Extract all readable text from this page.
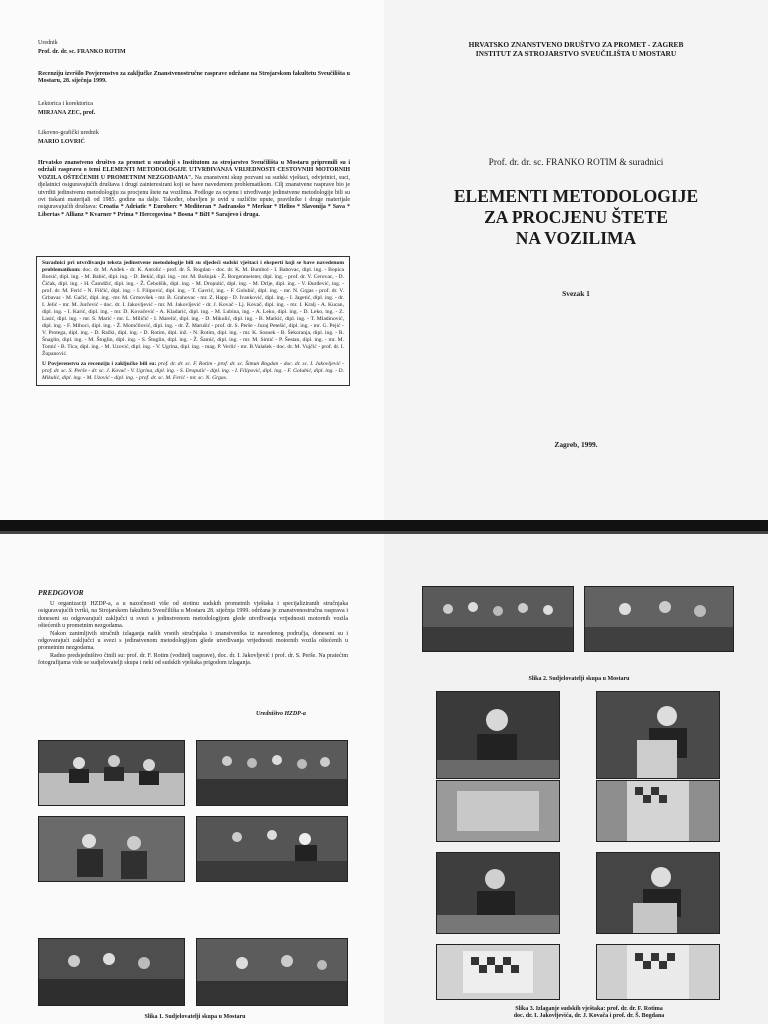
Urednik
Prof. dr. dr. sc. FRANKO ROTIM
Recenziju izvršilo Povjerenstvo za zaključke Znanstvenostručne rasprave održane na Strojarskom fakultetu Sveučilišta u Mostaru, 28. siječnja 1999.
Lektorica i korektorica
MIRJANA ZEC, prof.
Likovno-grafički urednik
MARIO LOVRIĆ
Hrvatsko znanstveno društvo za promet u suradnji s Institutom za strojarstvo Sveučilišta u Mostaru pripremili su i održali raspravu o temi ELEMENTI METODOLOGIJE UTVRĐIVANJA VRIJEDNOSTI CESTOVNIH MOTORNIH VOZILA OŠTEĆENIH U PROMETNIM NEZGODAMA". Na znanstveni skup pozvani su sudski vještaci, odvjetnici, suci, djelatnici osiguravajućih društava i drugi zainteresirani koji se bave navedenom problematikom. Cilj znanstvene rasprave bio je utvrditi jedinstvenu metodologiju za procjenu štete na vozilima. Podloge za ocjenu i utvrđivanje jedinstvene metodologije bili su ovi tiskani materijali od 1985. godine na dalje. Također, obavljen je uvid u različite upute, pravilnike i druge materijale osiguravajućih društava: Croatia * Adriatic * Euroherc * Mediteran * Jadransko * Merkur * Helios * Slavonija * Sava * Libertas * Allianz * Kvarner * Prima * Hercegovina * Bosna * BiH * Sarajevo i druga.
Suradnici pri utvrđivanju teksta jedinstvene metodologije bili su sljedeći sudski vještaci i eksperti koji se bave navedenom problematikom: doc. dr. M. Anđek - dr. K. Antolić - prof. dr. Š. Bogdan - doc. dr. K. M. Bumbol - I. Babovac, dipl. ing. - Bopica Borsić, dipl. ing. - M. Babić, dipl. ing. - D. Bekić, dipl. ing. - mr. M. Bošnjak - Ž. Borgenmeister, dipl. ing. - prof. dr. V. Cerovac, - D. Čičak, dipl. ing. - H. Čamdžić, dipl. ing. - Ž. Čebolšik, dipl. ing. - M. Dropulić, dipl. ing. - M. Drlje, dipl. ing. - V. Đurđević, ing. - prof. dr. M. Ferić - N. Filčić, dipl. ing. - I. Filipović, dipl. ing. - T. Gavrić, ing. - F. Golubić, dipl. ing. - mr. N. Grgas - prof. dr. V. Grbavac - M. Gačić, dipl. ing. -mr. M. Grmovšek - mr. B. Grahovac - mr. Z. Happ - D. Ivanković, dipl. ing. - I. Jagetić, dipl. ing. - dr. I. Jelić - mr. M. Jurčević - doc. dr. I. Jakovljević - mr. M. Jakovljević - dr. J. Kovač - Lj. Kovač, dipl. ing. - mr. I. Kralj - A. Kucan, dipl. ing. - I. Karić, dipl. ing. - mr. D. Kovačević - A. Kladarić, dipl. ing. - M. Lubina, ing. - A. Leko, dipl. ing. - D. Leko, ing. - Z. Lasić, dipl. ing. - mr. S. Marić - mr. L. Miličić - I. Marelić, dipl. ing. - D. Mikulić, dipl. ing. - B. Markić, dipl. ing. - T. Mladinović, dipl. ing. - F. Mihoci, dipl. ing. - Ž. Momčilović, dipl. ing. - dr. Ž. Marušić - prof. dr. S. Perše - Juraj Petešić, dipl. ing. - mr. G. Pejić - V. Protega, dipl. ing. - D. Rački, dipl. ing. - D. Rotim, dipl. inž. - N. Rotim, dipl. ing. - mr. K. Sosnek - B. Šekoranja, dipl. ing. - R. Šnaglin, dipl. ing. - M. Štuglin, dipl. ing. - S. Štuglin, dipl. ing. - Ž. Šamić, dipl. ing. - mr. M. Simić - P. Šestan, dipl. ing. - mr. M. Tomić - B. Tica, dipl. ing. - M. Uzović, dipl. ing. - V. Ugrina, dipl. ing. - mag. P. Verlić - mr. B.Valašek - doc. dr. M. Vujčić - prof. dr. I. Županović.
U Povjerenstvu za recenziju i zaključke bili su: prof. dr. dr. sc. F. Rotim - prof. dr. sc. Šimun Bogdan - doc. dr. sc. I. Jakovljević - prof. dr. sc. S. Perše - dr. sc. J. Kovač - V. Ugrina, dipl. ing. - S. Dropulić - dipl. ing. - I. Filipović, dipl. ing. - F. Golubić, dipl. ing. - D. Mikulić, dipl. ing. - M. Uzović - dipl. ing. - prof. dr. sc. M. Ferić - mr. sc. N. Grgas.
HRVATSKO ZNANSTVENO DRUŠTVO ZA PROMET - ZAGREB
INSTITUT ZA STROJARSTVO SVEUČILIŠTA U MOSTARU
Prof. dr. dr. sc. FRANKO ROTIM & suradnici
ELEMENTI METODOLOGIJE
ZA PROCJENU ŠTETE
NA VOZILIMA
Svezak 1
Zagreb, 1999.
PREDGOVOR
U organizaciji HZDP-a, a u nazočnosti više od stotinu sudskih prometnih vještaka i specijaliziranih stručnjaka osiguravajućih tvrtki, na Strojarskom fakultetu Sveučilišta u Mostaru 28. siječnja 1999. održana je znanstvenostručna rasprava i doneseni su odgovarajući zaključci u svezi s jedinstvenom metodologijom glede utvrđivanja vrijednosti motornih vozila oštećenih u prometnim nezgodama.
Nakon zanimljivih stručnih izlaganja naših vrsnih stručnjaka i znanstvenika iz navedenog područja, doneseni su i odgovarajući zaključci u svezi s jedinstvenom metodologijom glede utvrđivanja vrijednosti motornih vozila oštećenih u prometnim nezgodama.
Radno predsjedništvo činili su: prof. dr. F. Rotim (voditelj rasprave), doc. dr. I. Jakovljević i prof. dr. S. Perše. Na pratećim fotografijama vide se sudjelovatelji skupa i neki od sudskih vještaka prigodom izlaganja.
Uredništvo HZDP-a
Slika 1. Sudjelovatelji skupa u Mostaru
Slika 2. Sudjelovatelji skupa u Mostaru
Slika 3. Izlaganje sudskih vještaka: prof. dr. dr. F. Rotima
doc. dr. I. Jakovljevića, dr. J. Kovača i prof. dr. Š. Bogdana
